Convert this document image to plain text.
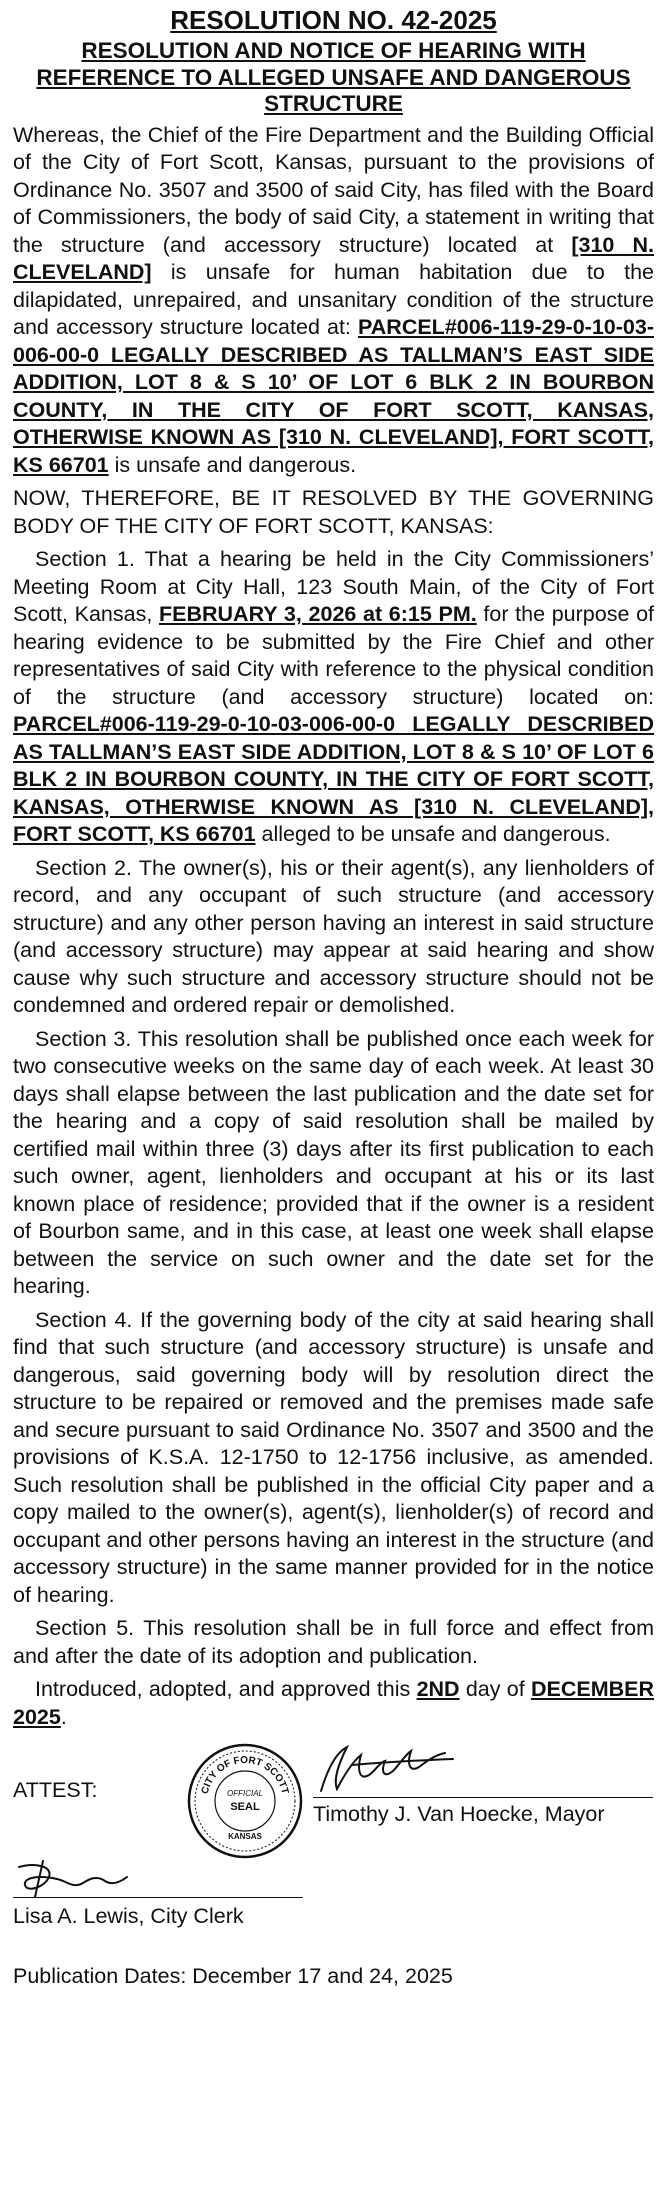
RESOLUTION NO. 42-2025
RESOLUTION AND NOTICE OF HEARING WITH REFERENCE TO ALLEGED UNSAFE AND DANGEROUS STRUCTURE

Whereas, the Chief of the Fire Department and the Building Official of the City of Fort Scott, Kansas, pursuant to the provisions of Ordinance No. 3507 and 3500 of said City, has filed with the Board of Commissioners, the body of said City, a statement in writing that the structure (and accessory structure) located at [310 N. CLEVELAND] is unsafe for human habitation due to the dilapidated, unrepaired, and unsanitary condition of the structure and accessory structure located at: PARCEL#006-119-29-0-10-03-006-00-0 LEGALLY DESCRIBED AS TALLMAN’S EAST SIDE ADDITION, LOT 8 & S 10’ OF LOT 6 BLK 2 IN BOURBON COUNTY, IN THE CITY OF FORT SCOTT, KANSAS, OTHERWISE KNOWN AS [310 N. CLEVELAND], FORT SCOTT, KS 66701 is unsafe and dangerous.

NOW, THEREFORE, BE IT RESOLVED BY THE GOVERNING BODY OF THE CITY OF FORT SCOTT, KANSAS:

Section 1. That a hearing be held in the City Commissioners’ Meeting Room at City Hall, 123 South Main, of the City of Fort Scott, Kansas, FEBRUARY 3, 2026 at 6:15 PM. for the purpose of hearing evidence to be submitted by the Fire Chief and other representatives of said City with reference to the physical condition of the structure (and accessory structure) located on: PARCEL#006-119-29-0-10-03-006-00-0 LEGALLY DESCRIBED AS TALLMAN’S EAST SIDE ADDITION, LOT 8 & S 10’ OF LOT 6 BLK 2 IN BOURBON COUNTY, IN THE CITY OF FORT SCOTT, KANSAS, OTHERWISE KNOWN AS [310 N. CLEVELAND], FORT SCOTT, KS 66701 alleged to be unsafe and dangerous.

Section 2. The owner(s), his or their agent(s), any lienholders of record, and any occupant of such structure (and accessory structure) and any other person having an interest in said structure (and accessory structure) may appear at said hearing and show cause why such structure and accessory structure should not be condemned and ordered repair or demolished.

Section 3. This resolution shall be published once each week for two consecutive weeks on the same day of each week. At least 30 days shall elapse between the last publication and the date set for the hearing and a copy of said resolution shall be mailed by certified mail within three (3) days after its first publication to each such owner, agent, lienholders and occupant at his or its last known place of residence; provided that if the owner is a resident of Bourbon same, and in this case, at least one week shall elapse between the service on such owner and the date set for the hearing.

Section 4. If the governing body of the city at said hearing shall find that such structure (and accessory structure) is unsafe and dangerous, said governing body will by resolution direct the structure to be repaired or removed and the premises made safe and secure pursuant to said Ordinance No. 3507 and 3500 and the provisions of K.S.A. 12-1750 to 12-1756 inclusive, as amended. Such resolution shall be published in the official City paper and a copy mailed to the owner(s), agent(s), lienholder(s) of record and occupant and other persons having an interest in the structure (and accessory structure) in the same manner provided for in the notice of hearing.

Section 5. This resolution shall be in full force and effect from and after the date of its adoption and publication.

Introduced, adopted, and approved this 2ND day of DECEMBER 2025.

ATTEST:	CITY OF FORT SCOTT
OFFICIAL
SEAL
KANSAS
Timothy J. Van Hoecke, Mayor
Lisa A. Lewis, City Clerk
Publication Dates: December 17 and 24, 2025
